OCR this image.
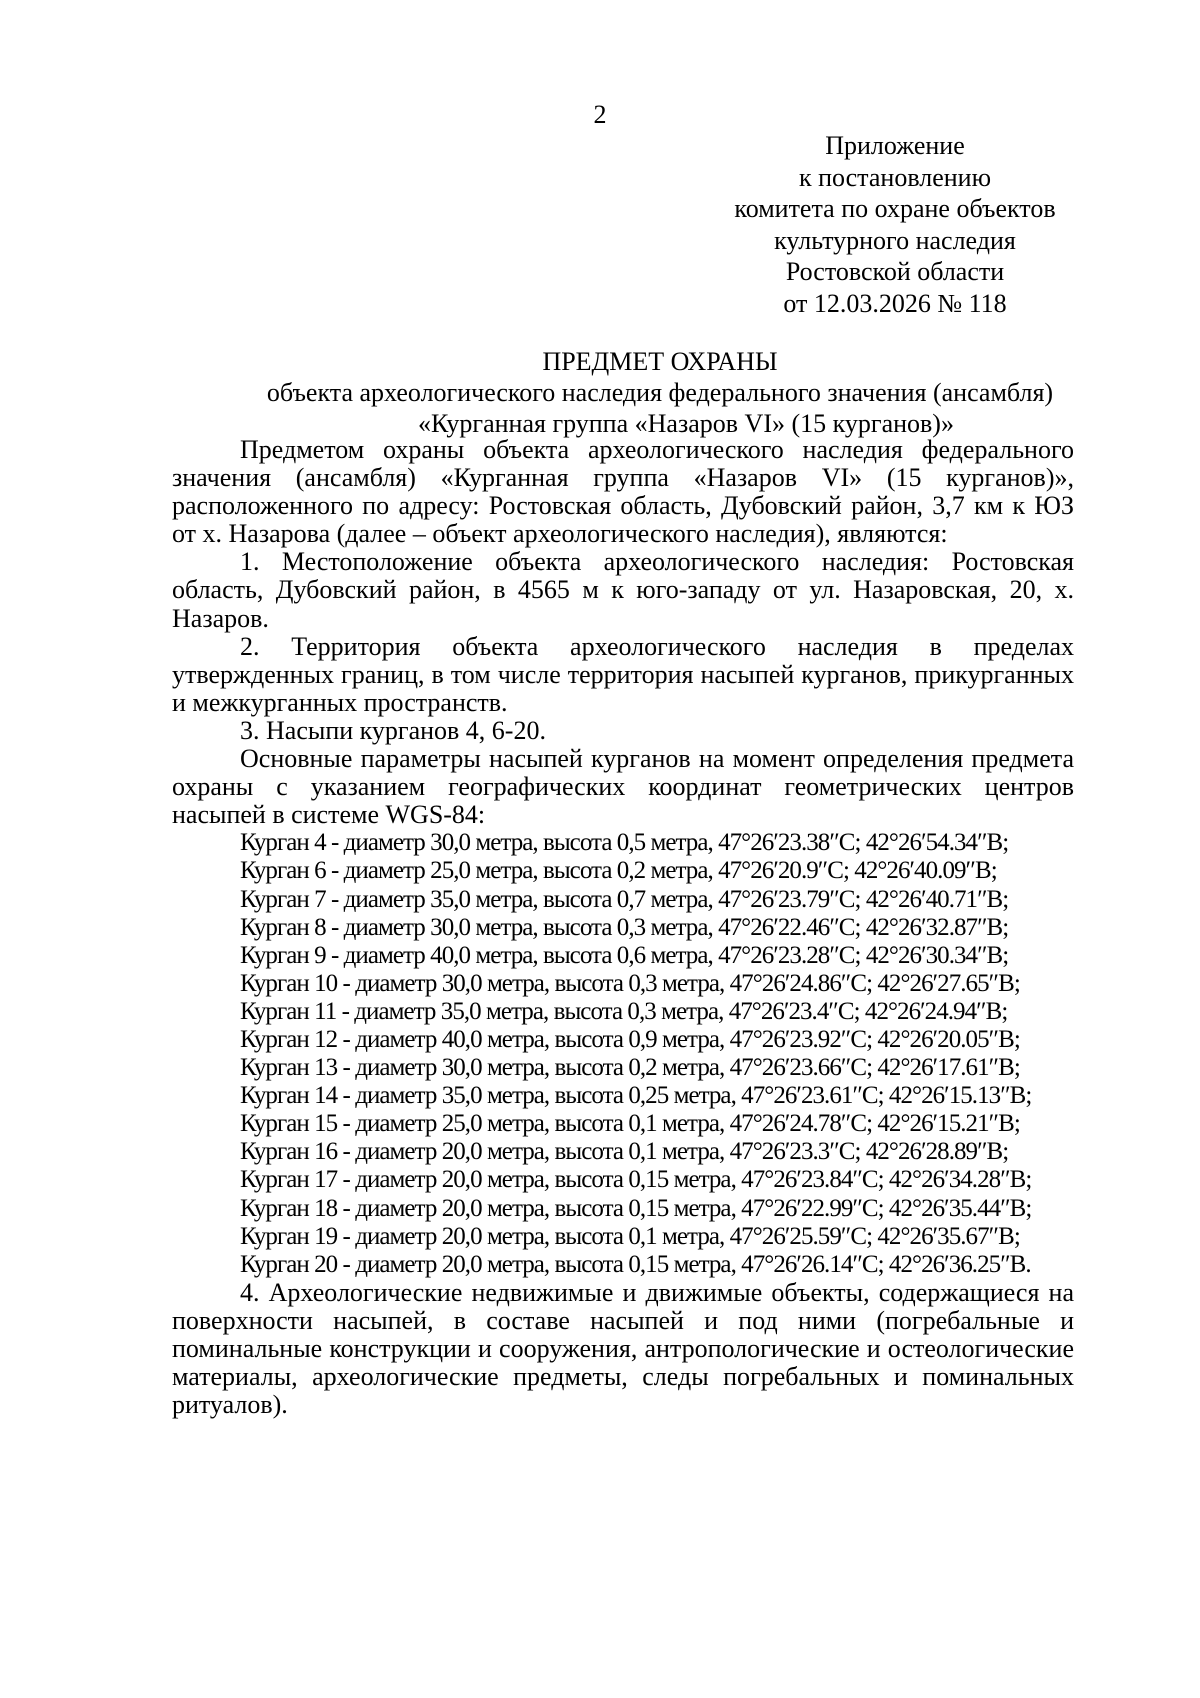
2
Приложение
к постановлению
комитета по охране объектов
культурного наследия
Ростовской области
от 12.03.2026 № 118
ПРЕДМЕТ ОХРАНЫ
объекта археологического наследия федерального значения (ансамбля)
«Курганная группа «Назаров VI» (15 курганов)»

Предметом охраны объекта археологического наследия федерального значения (ансамбля) «Курганная группа «Назаров VI» (15 курганов)», расположенного по адресу: Ростовская область, Дубовский район, 3,7 км к ЮЗ от х. Назарова (далее – объект археологического наследия), являются:

1. Местоположение объекта археологического наследия: Ростовская область, Дубовский район, в 4565 м к юго-западу от ул. Назаровская, 20, х. Назаров.

2. Территория объекта археологического наследия в пределах утвержденных границ, в том числе территория насыпей курганов, прикурганных и межкурганных пространств.

3. Насыпи курганов 4, 6-20.

Основные параметры насыпей курганов на момент определения предмета охраны с указанием географических координат геометрических центров насыпей в системе WGS-84:

Курган 4 - диаметр 30,0 метра, высота 0,5 метра, 47°26′23.38″С; 42°26′54.34″В;
Курган 6 - диаметр 25,0 метра, высота 0,2 метра, 47°26′20.9″С; 42°26′40.09″В;
Курган 7 - диаметр 35,0 метра, высота 0,7 метра, 47°26′23.79″С; 42°26′40.71″В;
Курган 8 - диаметр 30,0 метра, высота 0,3 метра, 47°26′22.46″С; 42°26′32.87″В;
Курган 9 - диаметр 40,0 метра, высота 0,6 метра, 47°26′23.28″С; 42°26′30.34″В;
Курган 10 - диаметр 30,0 метра, высота 0,3 метра, 47°26′24.86″С; 42°26′27.65″В;
Курган 11 - диаметр 35,0 метра, высота 0,3 метра, 47°26′23.4″С; 42°26′24.94″В;
Курган 12 - диаметр 40,0 метра, высота 0,9 метра, 47°26′23.92″С; 42°26′20.05″В;
Курган 13 - диаметр 30,0 метра, высота 0,2 метра, 47°26′23.66″С; 42°26′17.61″В;
Курган 14 - диаметр 35,0 метра, высота 0,25 метра, 47°26′23.61″С; 42°26′15.13″В;
Курган 15 - диаметр 25,0 метра, высота 0,1 метра, 47°26′24.78″С; 42°26′15.21″В;
Курган 16 - диаметр 20,0 метра, высота 0,1 метра, 47°26′23.3″С; 42°26′28.89″В;
Курган 17 - диаметр 20,0 метра, высота 0,15 метра, 47°26′23.84″С; 42°26′34.28″В;
Курган 18 - диаметр 20,0 метра, высота 0,15 метра, 47°26′22.99″С; 42°26′35.44″В;
Курган 19 - диаметр 20,0 метра, высота 0,1 метра, 47°26′25.59″С; 42°26′35.67″В;
Курган 20 - диаметр 20,0 метра, высота 0,15 метра, 47°26′26.14″С; 42°26′36.25″В.

4. Археологические недвижимые и движимые объекты, содержащиеся на поверхности насыпей, в составе насыпей и под ними (погребальные и поминальные конструкции и сооружения, антропологические и остеологические материалы, археологические предметы, следы погребальных и поминальных ритуалов).
